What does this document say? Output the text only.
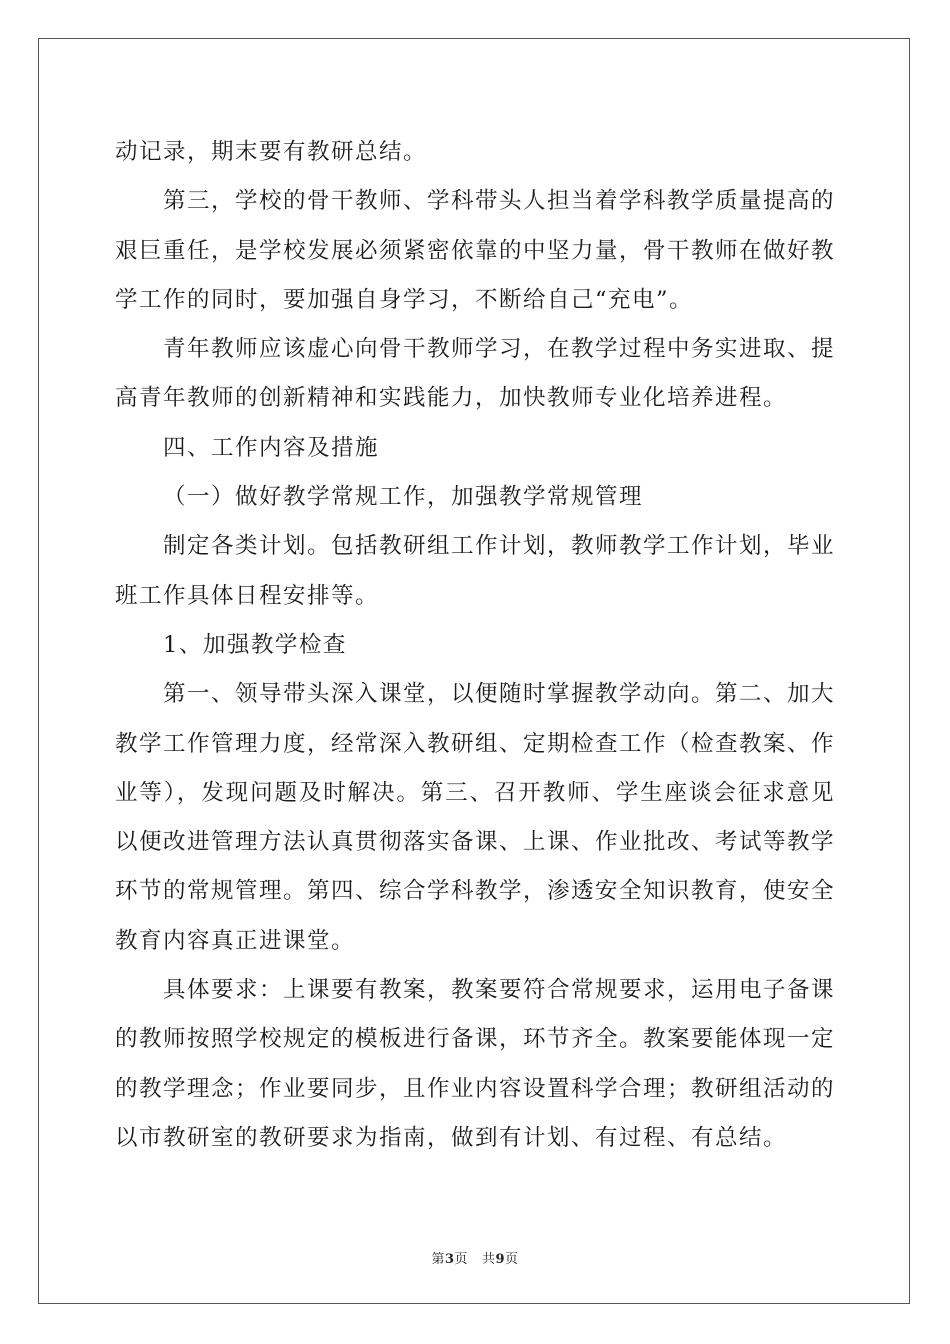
动记录，期末要有教研总结。

第三，学校的骨干教师、学科带头人担当着学科教学质量提高的艰巨重任，是学校发展必须紧密依靠的中坚力量，骨干教师在做好教学工作的同时，要加强自身学习，不断给自己“充电”。

青年教师应该虚心向骨干教师学习，在教学过程中务实进取、提高青年教师的创新精神和实践能力，加快教师专业化培养进程。

四、工作内容及措施

（一）做好教学常规工作，加强教学常规管理

制定各类计划。包括教研组工作计划，教师教学工作计划，毕业班工作具体日程安排等。

1、加强教学检查

第一、领导带头深入课堂，以便随时掌握教学动向。第二、加大教学工作管理力度，经常深入教研组、定期检查工作（检查教案、作业等），发现问题及时解决。第三、召开教师、学生座谈会征求意见以便改进管理方法认真贯彻落实备课、上课、作业批改、考试等教学环节的常规管理。第四、综合学科教学，渗透安全知识教育，使安全教育内容真正进课堂。

具体要求：上课要有教案，教案要符合常规要求，运用电子备课的教师按照学校规定的模板进行备课，环节齐全。教案要能体现一定的教学理念；作业要同步，且作业内容设置科学合理；教研组活动的以市教研室的教研要求为指南，做到有计划、有过程、有总结。

第3页 共9页
